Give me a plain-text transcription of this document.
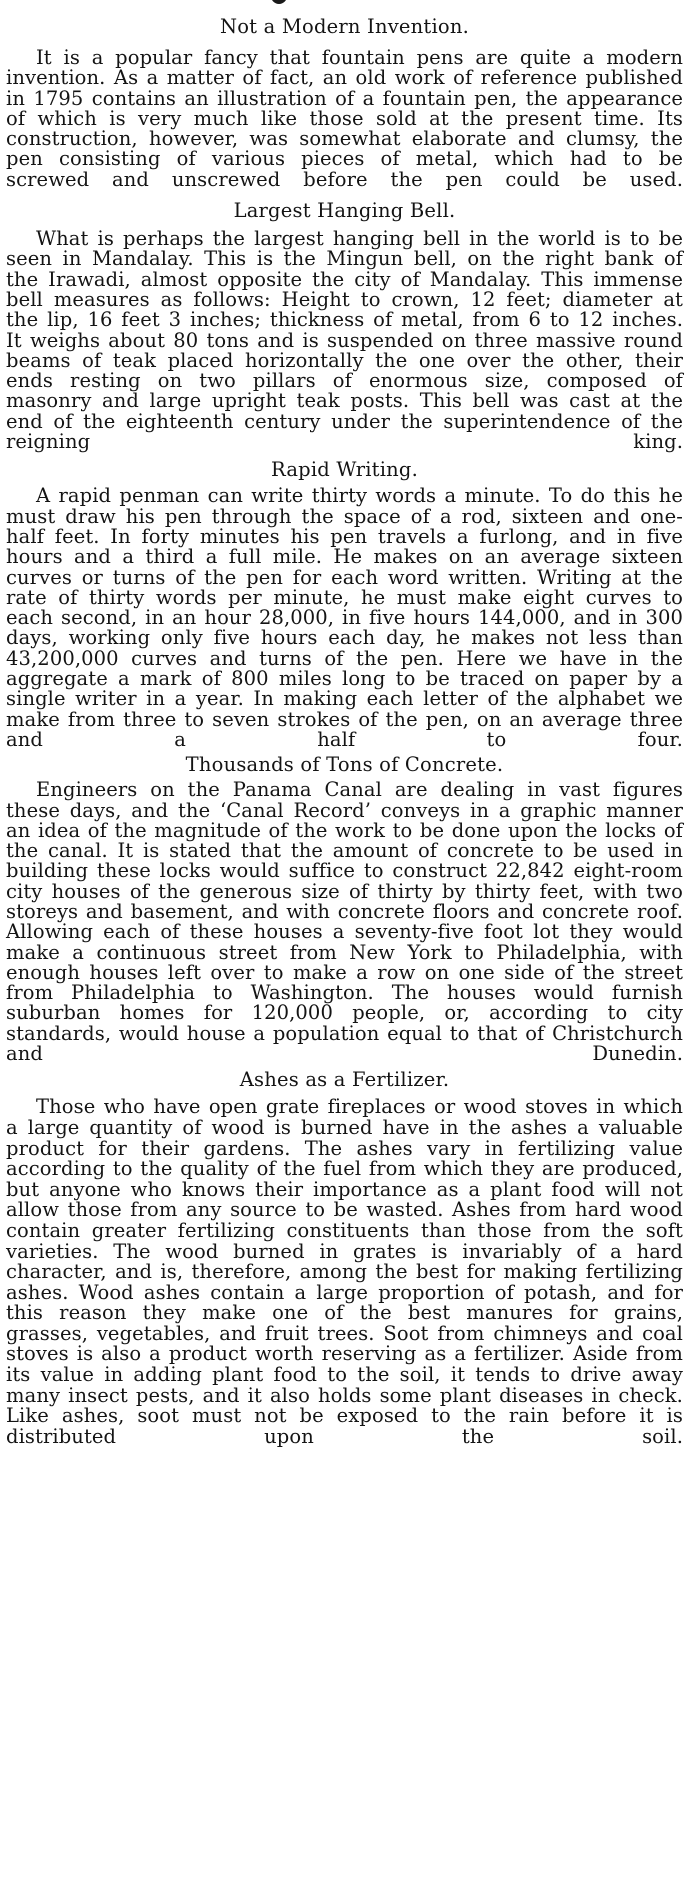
Not a Modern Invention.

It is a popular fancy that fountain pens are quite a modern invention. As a matter of fact, an old work of reference published in 1795 contains an illustration of a fountain pen, the appearance of which is very much like those sold at the present time. Its construction, however, was somewhat elaborate and clumsy, the pen consisting of various pieces of metal, which had to be screwed and unscrewed before the pen could be used.

Largest Hanging Bell.

What is perhaps the largest hanging bell in the world is to be seen in Mandalay. This is the Mingun bell, on the right bank of the Irawadi, almost opposite the city of Mandalay. This immense bell measures as follows: Height to crown, 12 feet; diameter at the lip, 16 feet 3 inches; thickness of metal, from 6 to 12 inches. It weighs about 80 tons and is suspended on three massive round beams of teak placed horizontally the one over the other, their ends resting on two pillars of enormous size, composed of masonry and large upright teak posts. This bell was cast at the end of the eighteenth century under the superintendence of the reigning king.

Rapid Writing.

A rapid penman can write thirty words a minute. To do this he must draw his pen through the space of a rod, sixteen and one-half feet. In forty minutes his pen travels a furlong, and in five hours and a third a full mile. He makes on an average sixteen curves or turns of the pen for each word written. Writing at the rate of thirty words per minute, he must make eight curves to each second, in an hour 28,000, in five hours 144,000, and in 300 days, working only five hours each day, he makes not less than 43,200,000 curves and turns of the pen. Here we have in the aggregate a mark of 800 miles long to be traced on paper by a single writer in a year. In making each letter of the alphabet we make from three to seven strokes of the pen, on an average three and a half to four.

Thousands of Tons of Concrete.

Engineers on the Panama Canal are dealing in vast figures these days, and the ‘Canal Record’ conveys in a graphic manner an idea of the magnitude of the work to be done upon the locks of the canal. It is stated that the amount of concrete to be used in building these locks would suffice to construct 22,842 eight-room city houses of the generous size of thirty by thirty feet, with two storeys and basement, and with concrete floors and concrete roof. Allowing each of these houses a seventy-five foot lot they would make a continuous street from New York to Philadelphia, with enough houses left over to make a row on one side of the street from Philadelphia to Washington. The houses would furnish suburban homes for 120,000 people, or, according to city standards, would house a population equal to that of Christchurch and Dunedin.

Ashes as a Fertilizer.

Those who have open grate fireplaces or wood stoves in which a large quantity of wood is burned have in the ashes a valuable product for their gardens. The ashes vary in fertilizing value according to the quality of the fuel from which they are produced, but anyone who knows their importance as a plant food will not allow those from any source to be wasted. Ashes from hard wood contain greater fertilizing constituents than those from the soft varieties. The wood burned in grates is invariably of a hard character, and is, therefore, among the best for making fertilizing ashes. Wood ashes contain a large proportion of potash, and for this reason they make one of the best manures for grains, grasses, vegetables, and fruit trees. Soot from chimneys and coal stoves is also a product worth reserving as a fertilizer. Aside from its value in adding plant food to the soil, it tends to drive away many insect pests, and it also holds some plant diseases in check. Like ashes, soot must not be exposed to the rain before it is distributed upon the soil.
